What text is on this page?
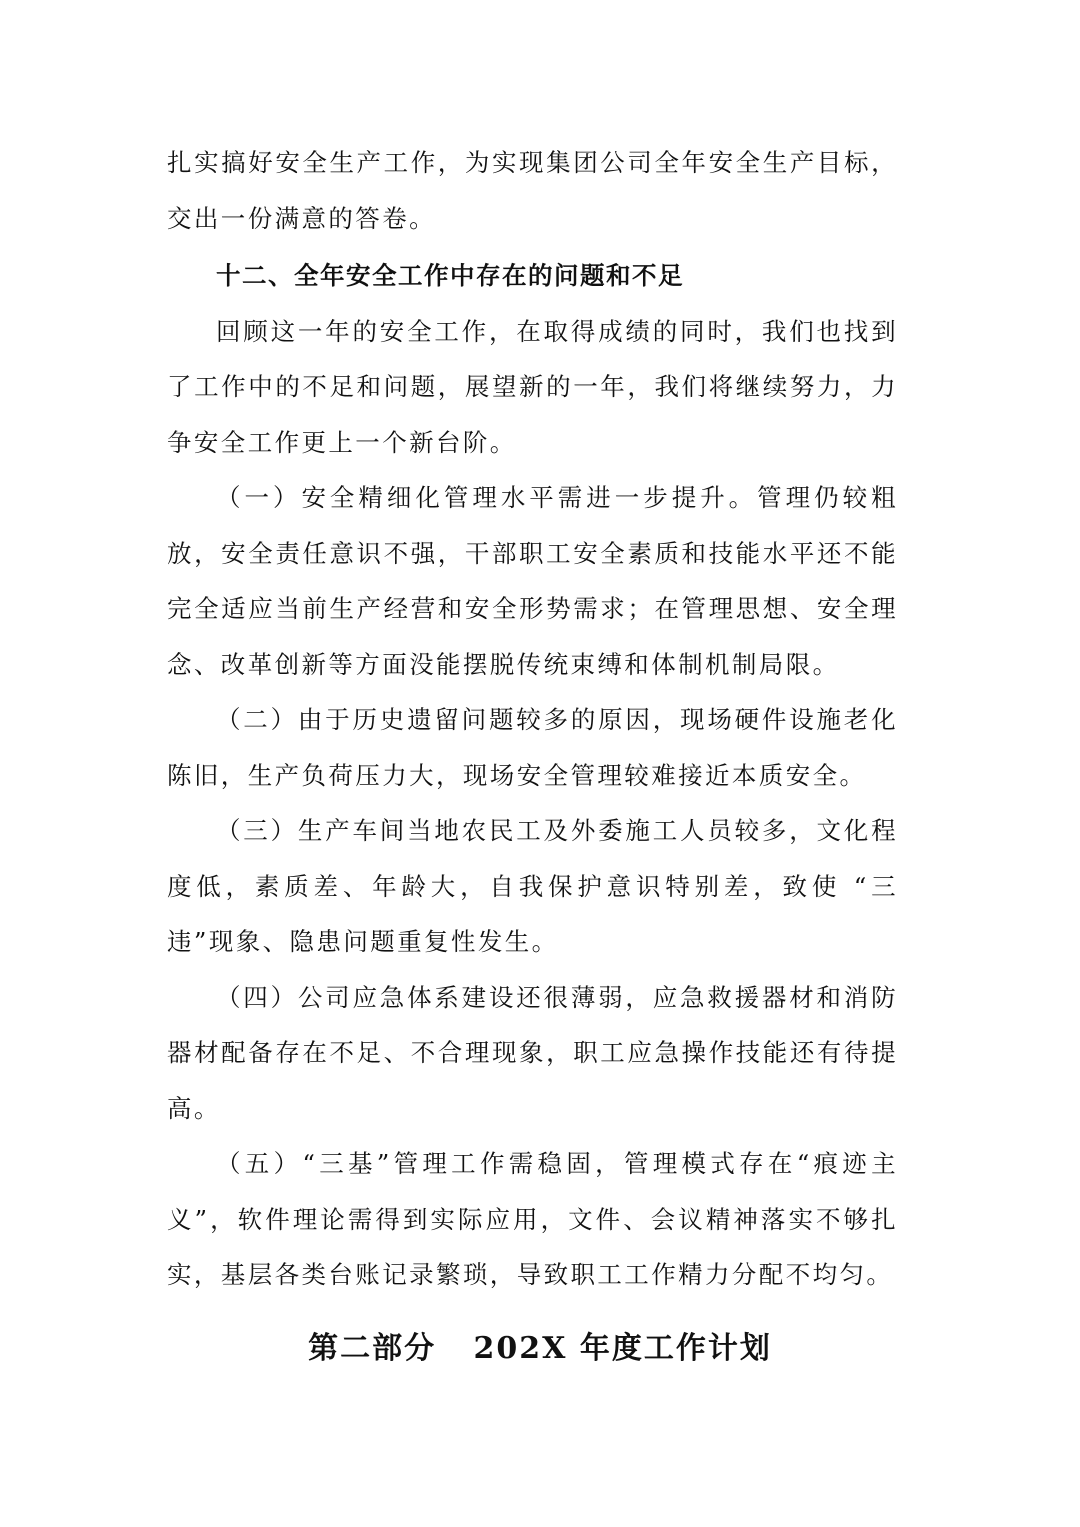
扎实搞好安全生产工作，为实现集团公司全年安全生产目标，交出一份满意的答卷。

十二、全年安全工作中存在的问题和不足

回顾这一年的安全工作，在取得成绩的同时，我们也找到了工作中的不足和问题，展望新的一年，我们将继续努力，力争安全工作更上一个新台阶。

（一）安全精细化管理水平需进一步提升。管理仍较粗放，安全责任意识不强，干部职工安全素质和技能水平还不能完全适应当前生产经营和安全形势需求；在管理思想、安全理念、改革创新等方面没能摆脱传统束缚和体制机制局限。

（二）由于历史遗留问题较多的原因，现场硬件设施老化陈旧，生产负荷压力大，现场安全管理较难接近本质安全。

（三）生产车间当地农民工及外委施工人员较多，文化程度低，素质差、年龄大，自我保护意识特别差，致使 “三违”现象、隐患问题重复性发生。

（四）公司应急体系建设还很薄弱，应急救援器材和消防器材配备存在不足、不合理现象，职工应急操作技能还有待提高。

（五）“三基”管理工作需稳固，管理模式存在“痕迹主义”，软件理论需得到实际应用，文件、会议精神落实不够扎实，基层各类台账记录繁琐，导致职工工作精力分配不均匀。

第二部分   202X 年度工作计划
